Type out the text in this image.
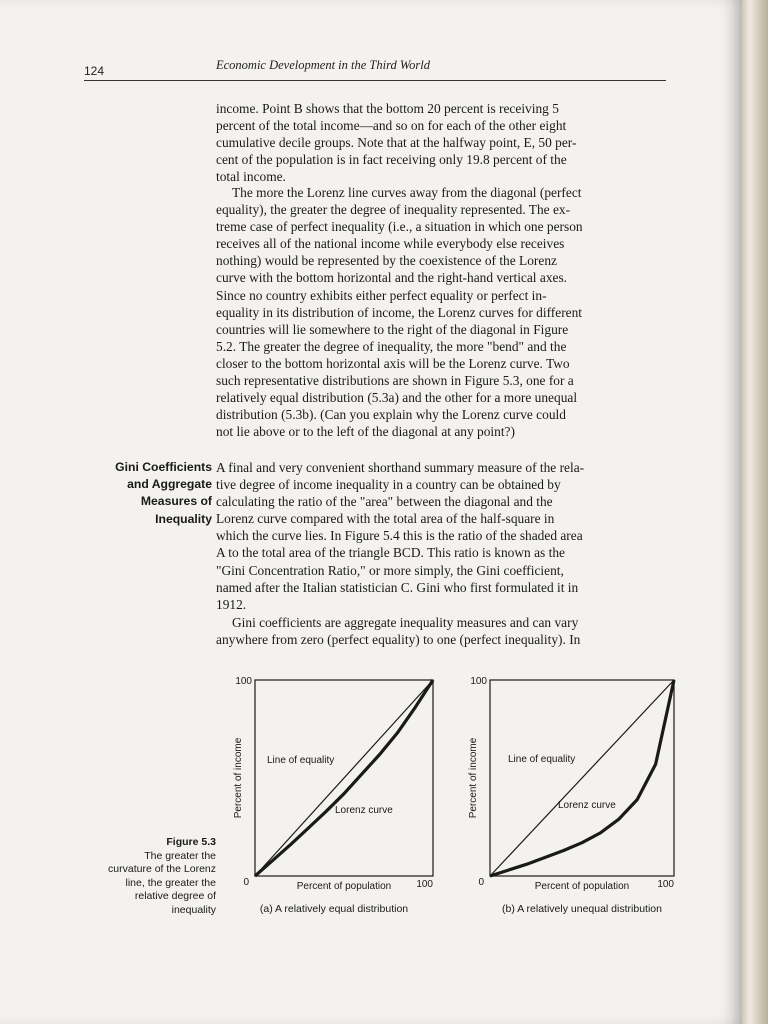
124	Economic Development in the Third World

income. Point B shows that the bottom 20 percent is receiving 5
percent of the total income—and so on for each of the other eight
cumulative decile groups. Note that at the halfway point, E, 50 per-
cent of the population is in fact receiving only 19.8 percent of the
total income.

The more the Lorenz line curves away from the diagonal (perfect
equality), the greater the degree of inequality represented. The ex-
treme case of perfect inequality (i.e., a situation in which one person
receives all of the national income while everybody else receives
nothing) would be represented by the coexistence of the Lorenz
curve with the bottom horizontal and the right-hand vertical axes.
Since no country exhibits either perfect equality or perfect in-
equality in its distribution of income, the Lorenz curves for different
countries will lie somewhere to the right of the diagonal in Figure
5.2. The greater the degree of inequality, the more "bend" and the
closer to the bottom horizontal axis will be the Lorenz curve. Two
such representative distributions are shown in Figure 5.3, one for a
relatively equal distribution (5.3a) and the other for a more unequal
distribution (5.3b). (Can you explain why the Lorenz curve could
not lie above or to the left of the diagonal at any point?)

Gini Coefficients
and Aggregate
Measures of
Inequality

A final and very convenient shorthand summary measure of the rela-
tive degree of income inequality in a country can be obtained by
calculating the ratio of the "area" between the diagonal and the
Lorenz curve compared with the total area of the half-square in
which the curve lies. In Figure 5.4 this is the ratio of the shaded area
A to the total area of the triangle BCD. This ratio is known as the
"Gini Concentration Ratio," or more simply, the Gini coefficient,
named after the Italian statistician C. Gini who first formulated it in
1912.

Gini coefficients are aggregate inequality measures and can vary
anywhere from zero (perfect equality) to one (perfect inequality). In

Figure 5.3
The greater the
curvature of the Lorenz
line, the greater the
relative degree of
inequality
100
0	100
Percent of population
Percent of income Line of equality
Lorenz curve
(a) A relatively equal distribution
100
0	100
Percent of population
Percent of income	Line of equality
Lorenz curve
(b) A relatively unequal distribution
